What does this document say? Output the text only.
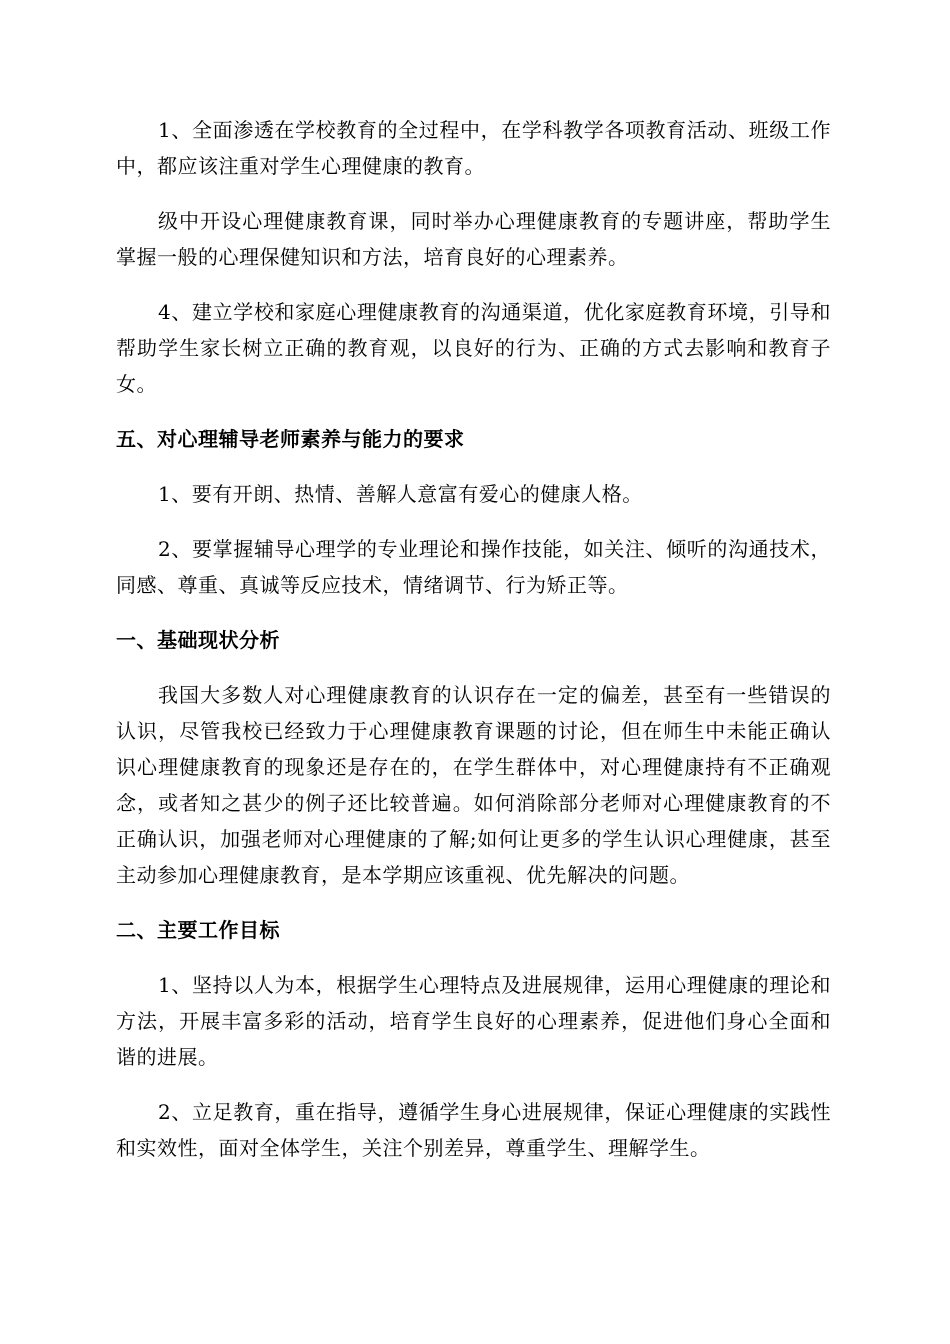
1、全面渗透在学校教育的全过程中，在学科教学各项教育活动、班级工作中，都应该注重对学生心理健康的教育。

级中开设心理健康教育课，同时举办心理健康教育的专题讲座，帮助学生掌握一般的心理保健知识和方法，培育良好的心理素养。

4、建立学校和家庭心理健康教育的沟通渠道，优化家庭教育环境，引导和帮助学生家长树立正确的教育观，以良好的行为、正确的方式去影响和教育子女。

五、对心理辅导老师素养与能力的要求

1、要有开朗、热情、善解人意富有爱心的健康人格。

2、要掌握辅导心理学的专业理论和操作技能，如关注、倾听的沟通技术，同感、尊重、真诚等反应技术，情绪调节、行为矫正等。

一、基础现状分析

我国大多数人对心理健康教育的认识存在一定的偏差，甚至有一些错误的认识，尽管我校已经致力于心理健康教育课题的讨论，但在师生中未能正确认识心理健康教育的现象还是存在的，在学生群体中，对心理健康持有不正确观念，或者知之甚少的例子还比较普遍。如何消除部分老师对心理健康教育的不正确认识，加强老师对心理健康的了解;如何让更多的学生认识心理健康，甚至主动参加心理健康教育，是本学期应该重视、优先解决的问题。

二、主要工作目标

1、坚持以人为本，根据学生心理特点及进展规律，运用心理健康的理论和方法，开展丰富多彩的活动，培育学生良好的心理素养，促进他们身心全面和谐的进展。

2、立足教育，重在指导，遵循学生身心进展规律，保证心理健康的实践性和实效性，面对全体学生，关注个别差异，尊重学生、理解学生。
